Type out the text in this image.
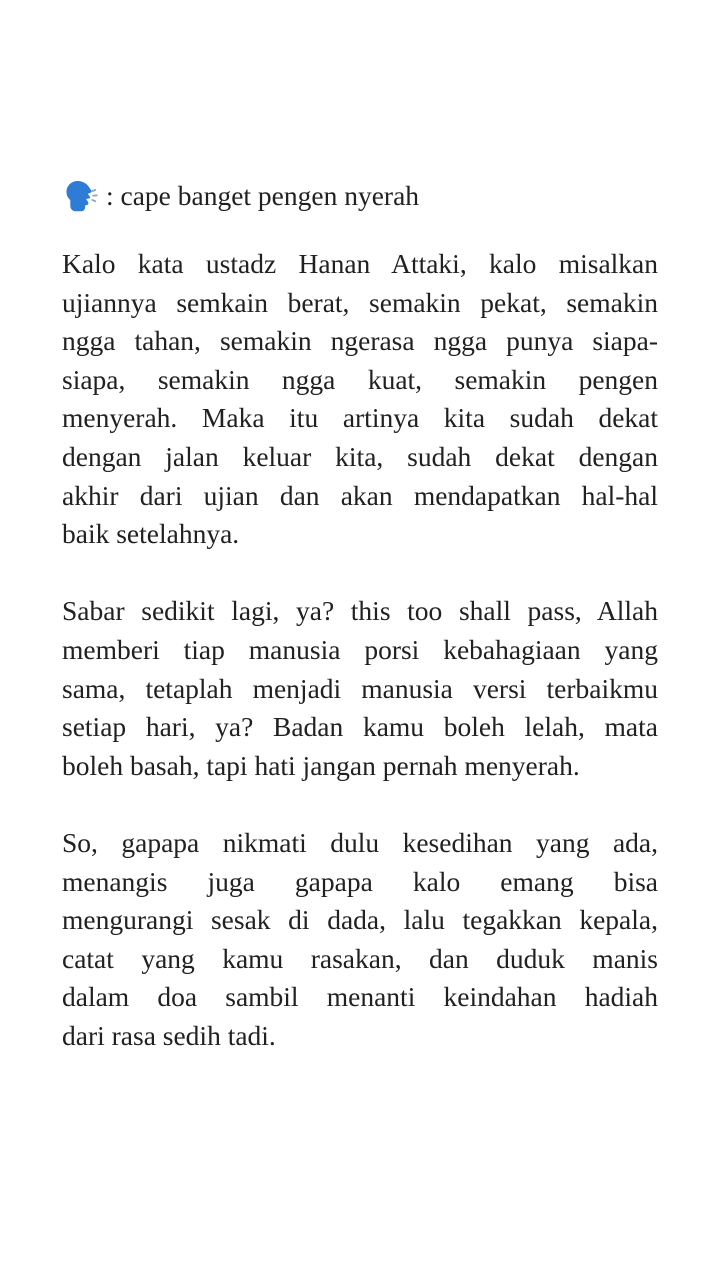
: cape banget pengen nyerah
Kalo kata ustadz Hanan Attaki, kalo misalkan
ujiannya semkain berat, semakin pekat, semakin
ngga tahan, semakin ngerasa ngga punya siapa-
siapa, semakin ngga kuat, semakin pengen
menyerah. Maka itu artinya kita sudah dekat
dengan jalan keluar kita, sudah dekat dengan
akhir dari ujian dan akan mendapatkan hal-hal
baik setelahnya.
Sabar sedikit lagi, ya? this too shall pass, Allah
memberi tiap manusia porsi kebahagiaan yang
sama, tetaplah menjadi manusia versi terbaikmu
setiap hari, ya? Badan kamu boleh lelah, mata
boleh basah, tapi hati jangan pernah menyerah.
So, gapapa nikmati dulu kesedihan yang ada,
menangis juga gapapa kalo emang bisa
mengurangi sesak di dada, lalu tegakkan kepala,
catat yang kamu rasakan, dan duduk manis
dalam doa sambil menanti keindahan hadiah
dari rasa sedih tadi.
